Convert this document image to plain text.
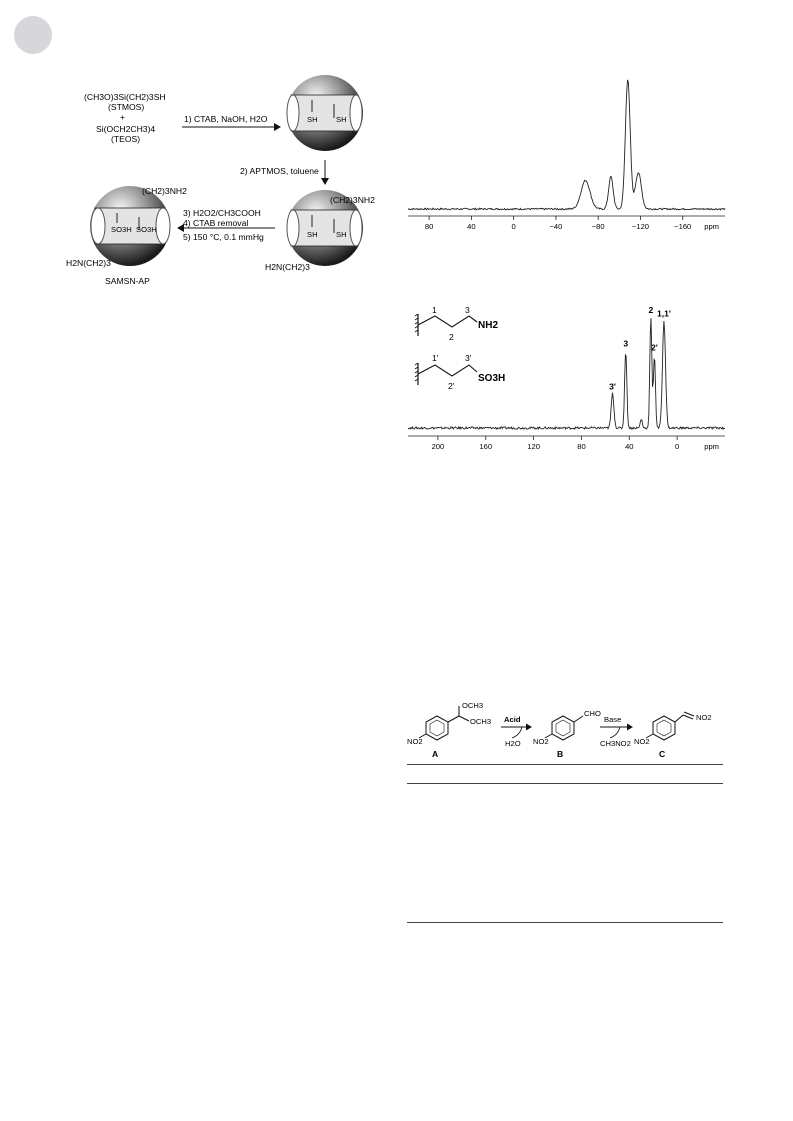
(CH3O)3Si(CH2)3SH
(STMOS)
+
Si(OCH2CH3)4
(TEOS)
1) CTAB, NaOH, H2O	SH SH
2) APTMOS, toluene
SH SH
(CH2)3NH2
H2N(CH2)3
3) H2O2/CH3COOH
4) CTAB removal
5) 150 °C, 0.1 mmHg
SO3H SO3H
(CH2)3NH2
H2N(CH2)3
SAMSN-AP
80	40	0	−40	−80	−120	−160 ppm
1
2
3
NH2
1'
2'
3'
SO3H
200	160	120	80	40	0	ppm
3'
3
2
2'
1,1'
OCH3
OCH3
NO2
A
Acid
H2O
CHO
NO2
B
Base
CH3NO2
NO2
NO2
C
